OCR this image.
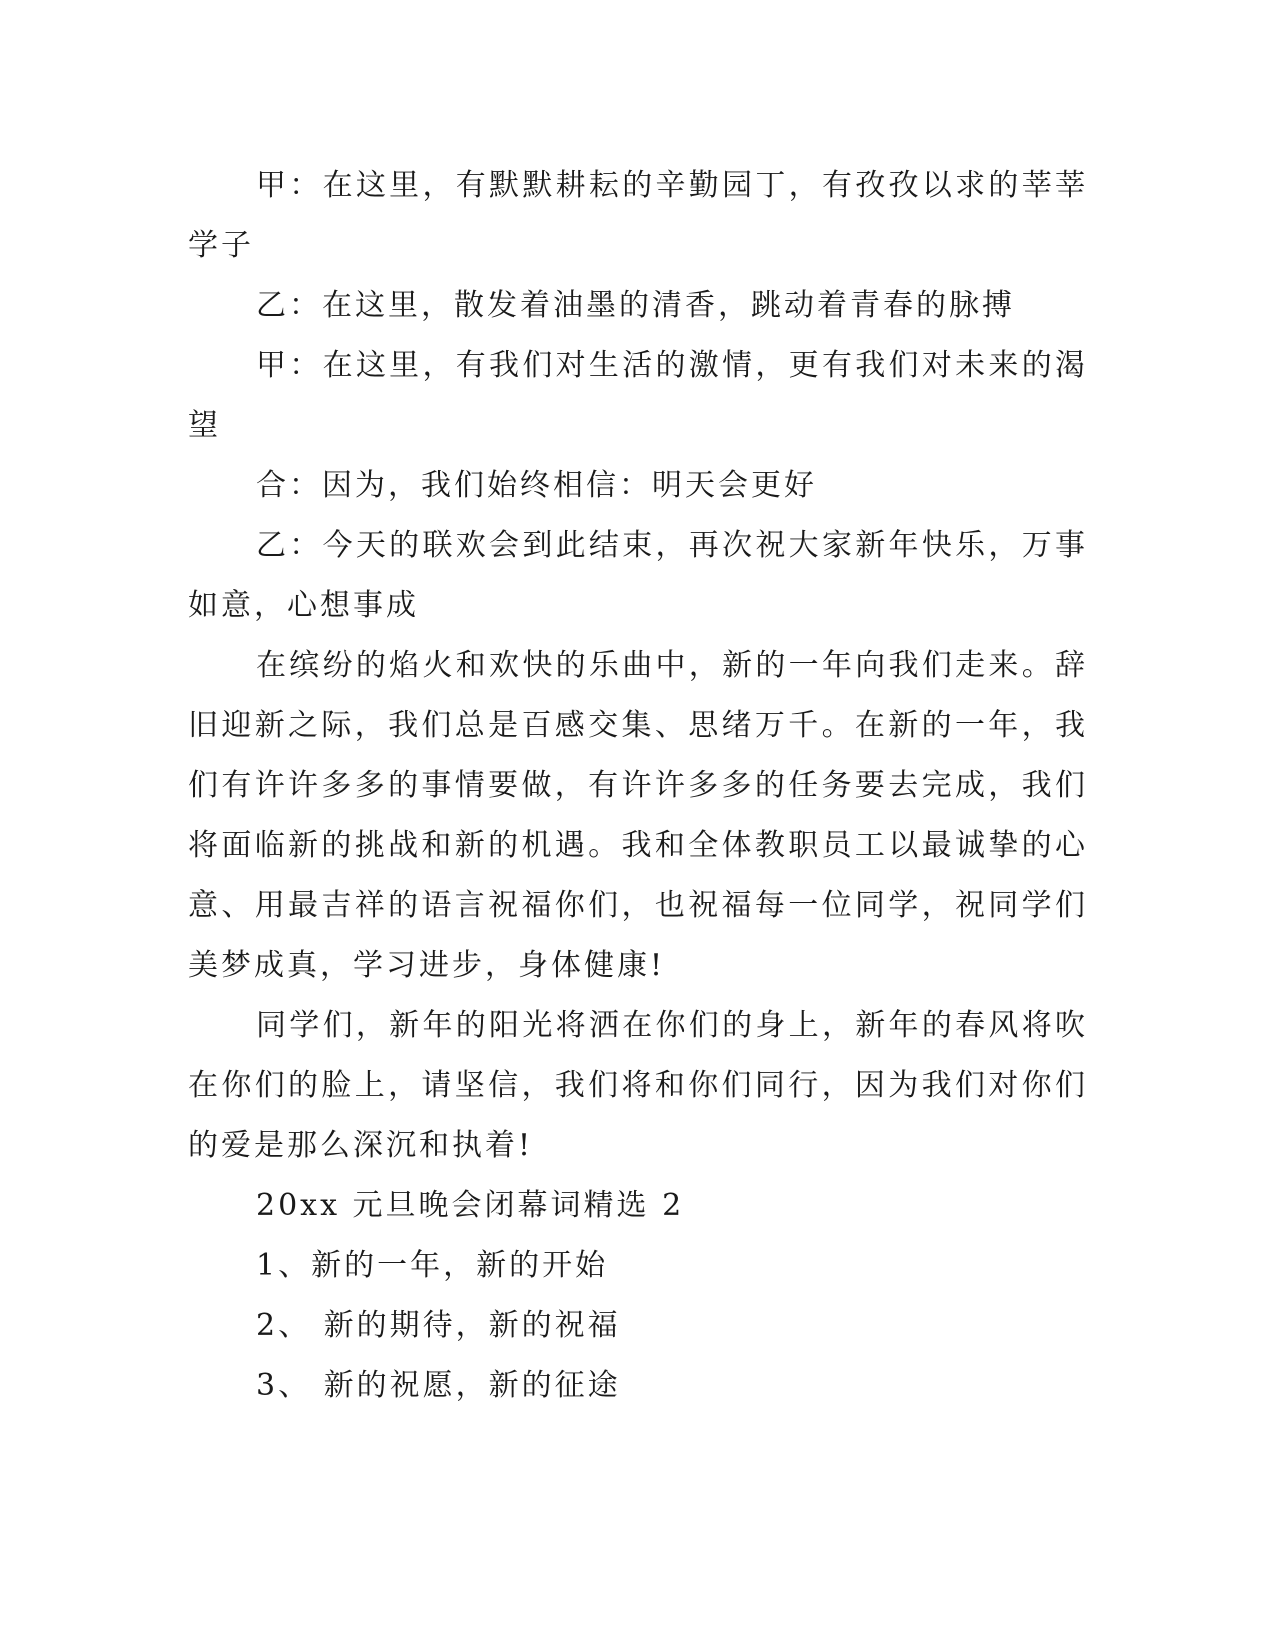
甲：在这里，有默默耕耘的辛勤园丁，有孜孜以求的莘莘学子

乙：在这里，散发着油墨的清香，跳动着青春的脉搏

甲：在这里，有我们对生活的激情，更有我们对未来的渴望

合：因为，我们始终相信：明天会更好

乙：今天的联欢会到此结束，再次祝大家新年快乐，万事如意，心想事成

在缤纷的焰火和欢快的乐曲中，新的一年向我们走来。辞旧迎新之际，我们总是百感交集、思绪万千。在新的一年，我们有许许多多的事情要做，有许许多多的任务要去完成，我们将面临新的挑战和新的机遇。我和全体教职员工以最诚挚的心意、用最吉祥的语言祝福你们，也祝福每一位同学，祝同学们美梦成真，学习进步，身体健康!

同学们，新年的阳光将洒在你们的身上，新年的春风将吹在你们的脸上，请坚信，我们将和你们同行，因为我们对你们的爱是那么深沉和执着!

20xx 元旦晚会闭幕词精选 2

1、新的一年，新的开始

2、 新的期待，新的祝福

3、 新的祝愿，新的征途
